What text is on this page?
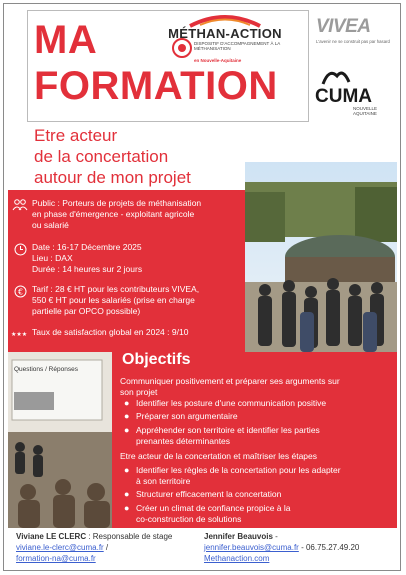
MA
FORMATION
MÉTHAN-ACTION
DISPOSITIF D'ACCOMPAGNEMENT À LA MÉTHANISATION
en Nouvelle-Aquitaine
VIVEA
L'avenir ne se construit pas par hasard
CUMA
NOUVELLE AQUITAINE
Etre acteur
de la concertation
autour de mon projet
Questions / Réponses
Public : Porteurs de projets de méthanisation
en phase d'émergence - exploitant agricole
ou salarié
Date : 16-17 Décembre 2025
Lieu : DAX
Durée : 14 heures sur 2 jours
€ Tarif : 28 € HT pour les contributeurs VIVEA,
550 € HT pour les salariés (prise en charge
partielle par OPCO possible)
★★★ Taux de satisfaction global en 2024 : 9/10
Objectifs
Communiquer positivement et préparer ses arguments sur
son projet
● Identifier les posture d'une communication positive
● Préparer son argumentaire
● Appréhender son territoire et identifier les parties
prenantes déterminantes
Etre acteur de la concertation et maîtriser les étapes
● Identifier les règles de la concertation pour les adapter
à son territoire
● Structurer efficacement la concertation
● Créer un climat de confiance propice à la
co-construction de solutions
Viviane LE CLERC : Responsable de stage
viviane.le-clerc@cuma.fr /
formation-na@cuma.fr
Jennifer Beauvois -
jennifer.beauvois@cuma.fr - 06.75.27.49.20
Methanaction.com
